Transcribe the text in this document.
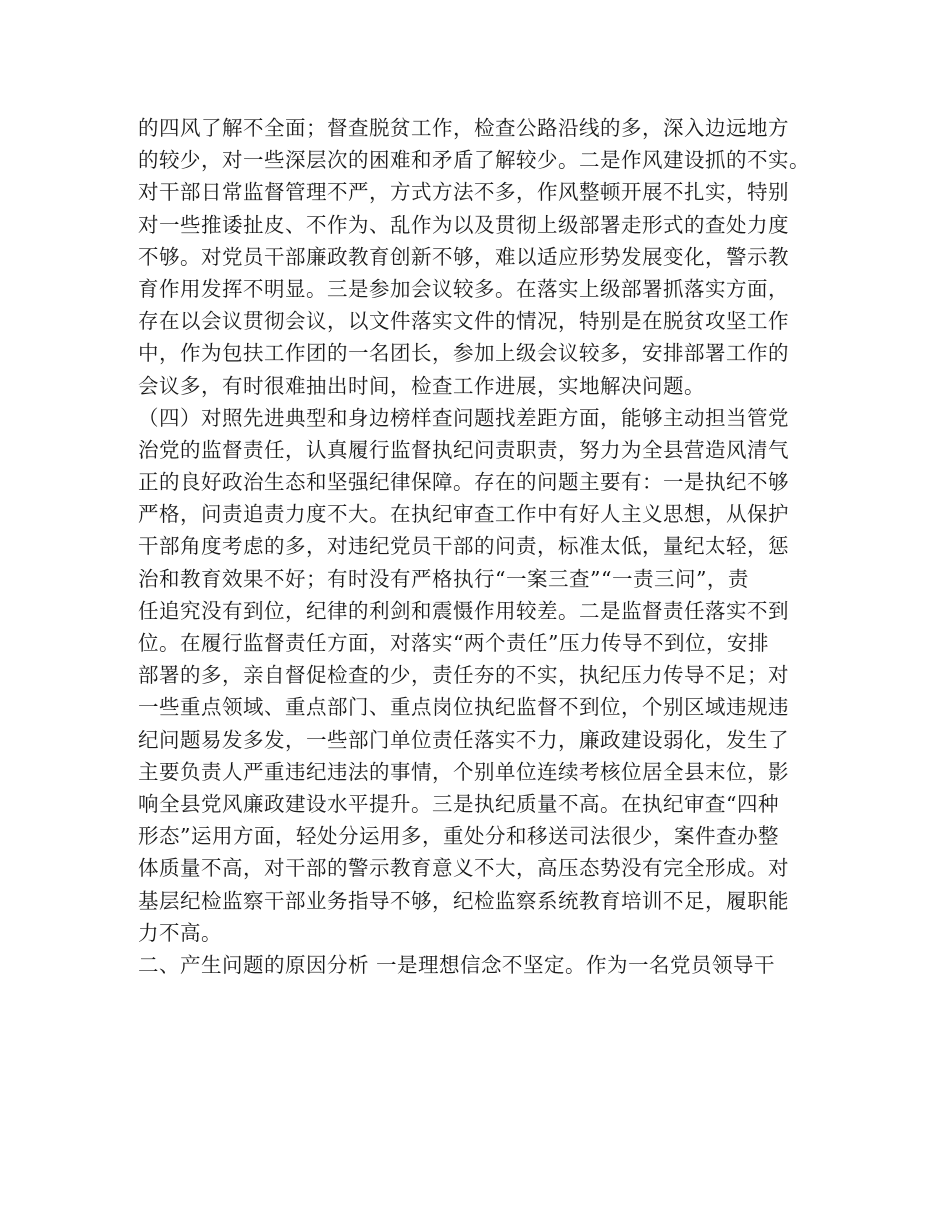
的四风了解不全面；督查脱贫工作，检查公路沿线的多，深入边远地方
的较少，对一些深层次的困难和矛盾了解较少。二是作风建设抓的不实。
对干部日常监督管理不严，方式方法不多，作风整顿开展不扎实，特别
对一些推诿扯皮、不作为、乱作为以及贯彻上级部署走形式的查处力度
不够。对党员干部廉政教育创新不够，难以适应形势发展变化，警示教
育作用发挥不明显。三是参加会议较多。在落实上级部署抓落实方面，
存在以会议贯彻会议，以文件落实文件的情况，特别是在脱贫攻坚工作
中，作为包扶工作团的一名团长，参加上级会议较多，安排部署工作的
会议多，有时很难抽出时间，检查工作进展，实地解决问题。
（四）对照先进典型和身边榜样查问题找差距方面，能够主动担当管党
治党的监督责任，认真履行监督执纪问责职责，努力为全县营造风清气
正的良好政治生态和坚强纪律保障。存在的问题主要有：一是执纪不够
严格，问责追责力度不大。在执纪审查工作中有好人主义思想，从保护
干部角度考虑的多，对违纪党员干部的问责，标准太低，量纪太轻，惩
治和教育效果不好；有时没有严格执行“一案三查”“一责三问”，责
任追究没有到位，纪律的利剑和震慑作用较差。二是监督责任落实不到
位。在履行监督责任方面，对落实“两个责任”压力传导不到位，安排
部署的多，亲自督促检查的少，责任夯的不实，执纪压力传导不足；对
一些重点领域、重点部门、重点岗位执纪监督不到位，个别区域违规违
纪问题易发多发，一些部门单位责任落实不力，廉政建设弱化，发生了
主要负责人严重违纪违法的事情，个别单位连续考核位居全县末位，影
响全县党风廉政建设水平提升。三是执纪质量不高。在执纪审查“四种
形态”运用方面，轻处分运用多，重处分和移送司法很少，案件查办整
体质量不高，对干部的警示教育意义不大，高压态势没有完全形成。对
基层纪检监察干部业务指导不够，纪检监察系统教育培训不足，履职能
力不高。
二、产生问题的原因分析 一是理想信念不坚定。作为一名党员领导干
